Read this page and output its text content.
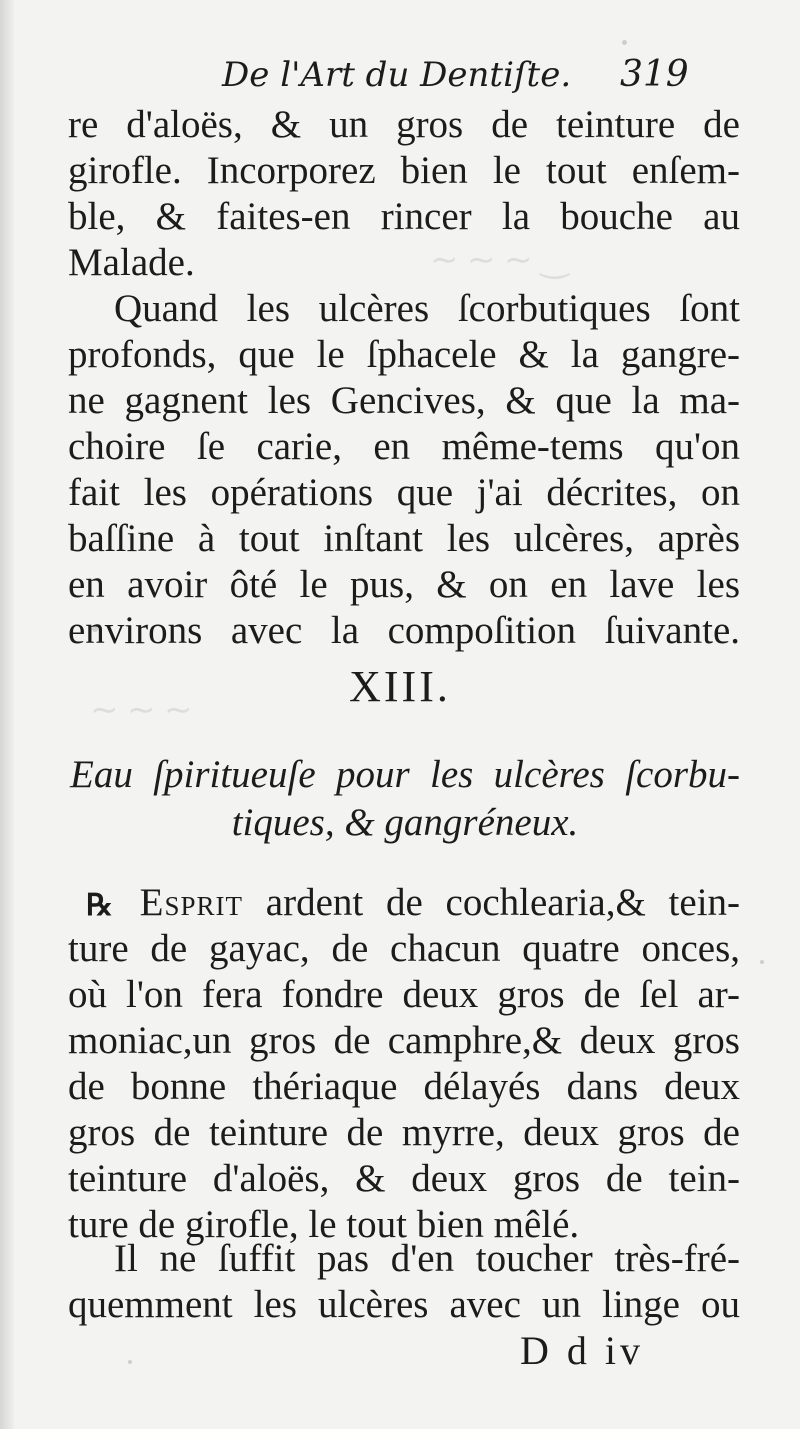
‿ ∽ ∽ ∽
∽ ∽ ∽
De l'Art du Dentiſte. 319
re d'aloës, & un gros de teinture de
girofle. Incorporez bien le tout enſem-
ble, & faites-en rincer la bouche au
Malade.
Quand les ulcères ſcorbutiques ſont
profonds, que le ſphacele & la gangre-
ne gagnent les Gencives, & que la ma-
choire ſe carie, en même-tems qu'on
fait les opérations que j'ai décrites, on
baſſine à tout inſtant les ulcères, après
en avoir ôté le pus, & on en lave les
environs avec la compoſition ſuivante.
XIII.
Eau ſpiritueuſe pour les ulcères ſcorbu-
tiques, & gangréneux.
℞ Esprit ardent de cochlearia,& tein-
ture de gayac, de chacun quatre onces,
où l'on fera fondre deux gros de ſel ar-
moniac,un gros de camphre,& deux gros
de bonne thériaque délayés dans deux
gros de teinture de myrre, deux gros de
teinture d'aloës, & deux gros de tein-
ture de girofle, le tout bien mêlé.
Il ne ſuffit pas d'en toucher très-fré-
quemment les ulcères avec un linge ou
D d iv
